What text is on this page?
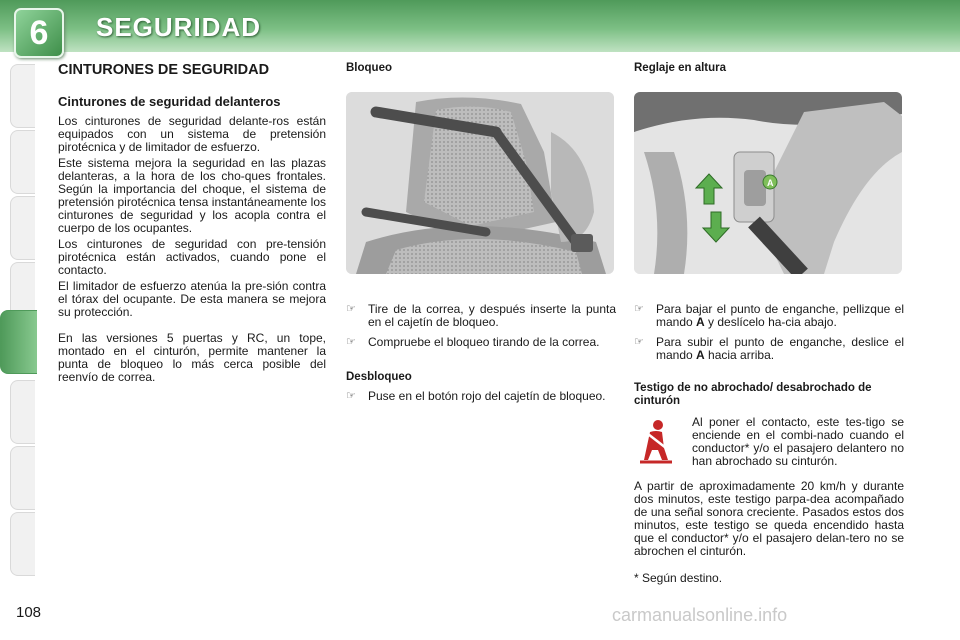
6	SEGURIDAD
108
CINTURONES DE SEGURIDAD
Cinturones de seguridad delanteros

Los cinturones de seguridad delante-ros están equipados con un sistema de pretensión pirotécnica y de limitador de esfuerzo.

Este sistema mejora la seguridad en las plazas delanteras, a la hora de los cho-ques frontales. Según la importancia del choque, el sistema de pretensión pirotécnica tensa instantáneamente los cinturones de seguridad y los acopla contra el cuerpo de los ocupantes.

Los cinturones de seguridad con pre-tensión pirotécnica están activados, cuando pone el contacto.

El limitador de esfuerzo atenúa la pre-sión contra el tórax del ocupante. De esta manera se mejora su protección.

En las versiones 5 puertas y RC, un tope, montado en el cinturón, permite mantener la punta de bloqueo lo más cerca posible del reenvío de correa.

Bloqueo
☞ Tire de la correa, y después inserte la punta en el cajetín de bloqueo.
☞ Compruebe el bloqueo tirando de la correa.
Desbloqueo
☞ Puse en el botón rojo del cajetín de bloqueo.
Reglaje en altura
A
☞ Para bajar el punto de enganche, pellizque el mando A y deslícelo ha-cia abajo.
☞ Para subir el punto de enganche, deslice el mando A hacia arriba.
Testigo de no abrochado/ desabrochado de cinturón

Al poner el contacto, este tes-tigo se enciende en el combi-nado cuando el conductor* y/o el pasajero delantero no han abrochado su cinturón.

A partir de aproximadamente 20 km/h y durante dos minutos, este testigo parpa-dea acompañado de una señal sonora creciente. Pasados estos dos minutos, este testigo se queda encendido hasta que el conductor* y/o el pasajero delan-tero no se abrochen el cinturón.

* Según destino.

carmanualsonline.info
